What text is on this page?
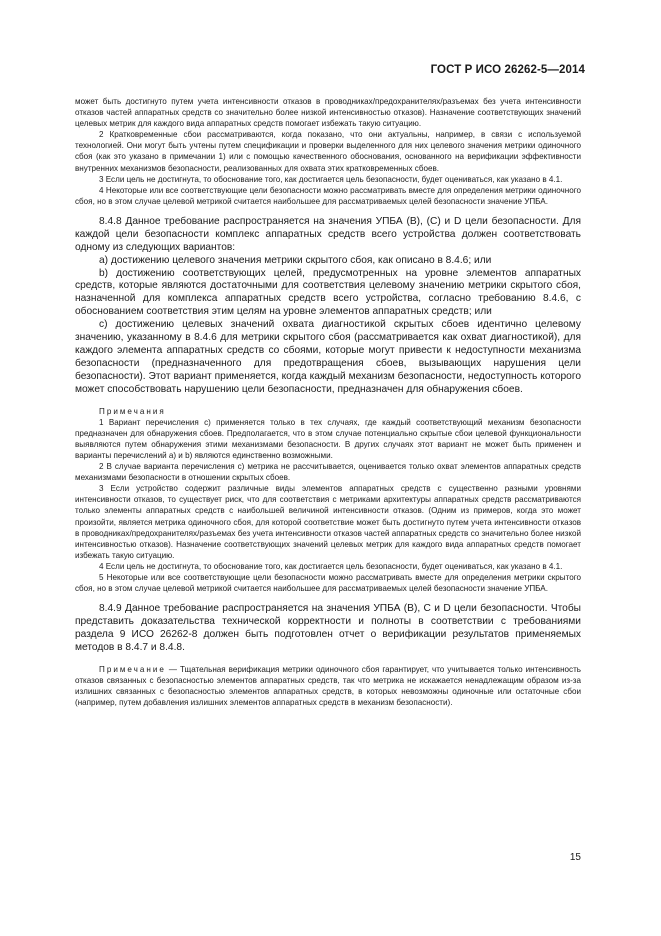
ГОСТ Р ИСО 26262-5—2014

может быть достигнуто путем учета интенсивности отказов в проводниках/предохранителях/разъемах без учета интенсивности отказов частей аппаратных средств со значительно более низкой интенсивностью отказов). Назначение соответствующих значений целевых метрик для каждого вида аппаратных средств помогает избежать такую ситуацию.

2 Кратковременные сбои рассматриваются, когда показано, что они актуальны, например, в связи с используемой технологией. Они могут быть учтены путем спецификации и проверки выделенного для них целевого значения метрики одиночного сбоя (как это указано в примечании 1) или с помощью качественного обоснования, основанного на верификации эффективности внутренних механизмов безопасности, реализованных для охвата этих кратковременных сбоев.

3 Если цель не достигнута, то обоснование того, как достигается цель безопасности, будет оцениваться, как указано в 4.1.

4 Некоторые или все соответствующие цели безопасности можно рассматривать вместе для определения метрики одиночного сбоя, но в этом случае целевой метрикой считается наибольшее для рассматриваемых целей безопасности значение УПБА.

8.4.8 Данное требование распространяется на значения УПБА (В), (С) и D цели безопасности. Для каждой цели безопасности комплекс аппаратных средств всего устройства должен соответствовать одному из следующих вариантов:

a) достижению целевого значения метрики скрытого сбоя, как описано в 8.4.6; или

b) достижению соответствующих целей, предусмотренных на уровне элементов аппаратных средств, которые являются достаточными для соответствия целевому значению метрики скрытого сбоя, назначенной для комплекса аппаратных средств всего устройства, согласно требованию 8.4.6, с обоснованием соответствия этим целям на уровне элементов аппаратных средств; или

c) достижению целевых значений охвата диагностикой скрытых сбоев идентично целевому значению, указанному в 8.4.6 для метрики скрытого сбоя (рассматривается как охват диагностикой), для каждого элемента аппаратных средств со сбоями, которые могут привести к недоступности механизма безопасности (предназначенного для предотвращения сбоев, вызывающих нарушения цели безопасности). Этот вариант применяется, когда каждый механизм безопасности, недоступность которого может способствовать нарушению цели безопасности, предназначен для обнаружения сбоев.

Примечания

1 Вариант перечисления с) применяется только в тех случаях, где каждый соответствующий механизм безопасности предназначен для обнаружения сбоев. Предполагается, что в этом случае потенциально скрытые сбои целевой функциональности выявляются путем обнаружения этими механизмами безопасности. В других случаях этот вариант не может быть применен и варианты перечислений а) и b) являются единственно возможными.

2 В случае варианта перечисления с) метрика не рассчитывается, оценивается только охват элементов аппаратных средств механизмами безопасности в отношении скрытых сбоев.

3 Если устройство содержит различные виды элементов аппаратных средств с существенно разными уровнями интенсивности отказов, то существует риск, что для соответствия с метриками архитектуры аппаратных средств рассматриваются только элементы аппаратных средств с наибольшей величиной интенсивности отказов. (Одним из примеров, когда это может произойти, является метрика одиночного сбоя, для которой соответствие может быть достигнуто путем учета интенсивности отказов в проводниках/предохранителях/разъемах без учета интенсивности отказов частей аппаратных средств со значительно более низкой интенсивностью отказов). Назначение соответствующих значений целевых метрик для каждого вида аппаратных средств помогает избежать такую ситуацию.

4 Если цель не достигнута, то обоснование того, как достигается цель безопасности, будет оцениваться, как указано в 4.1.

5 Некоторые или все соответствующие цели безопасности можно рассматривать вместе для определения метрики скрытого сбоя, но в этом случае целевой метрикой считается наибольшее для рассматриваемых целей безопасности значение УПБА.

8.4.9 Данное требование распространяется на значения УПБА (В), С и D цели безопасности. Чтобы представить доказательства технической корректности и полноты в соответствии с требованиями раздела 9 ИСО 26262-8 должен быть подготовлен отчет о верификации результатов применяемых методов в 8.4.7 и 8.4.8.

Примечание — Тщательная верификация метрики одиночного сбоя гарантирует, что учитывается только интенсивность отказов связанных с безопасностью элементов аппаратных средств, так что метрика не искажается ненадлежащим образом из-за излишних связанных с безопасностью элементов аппаратных средств, в которых невозможны одиночные или остаточные сбои (например, путем добавления излишних элементов аппаратных средств в механизм безопасности).

15
